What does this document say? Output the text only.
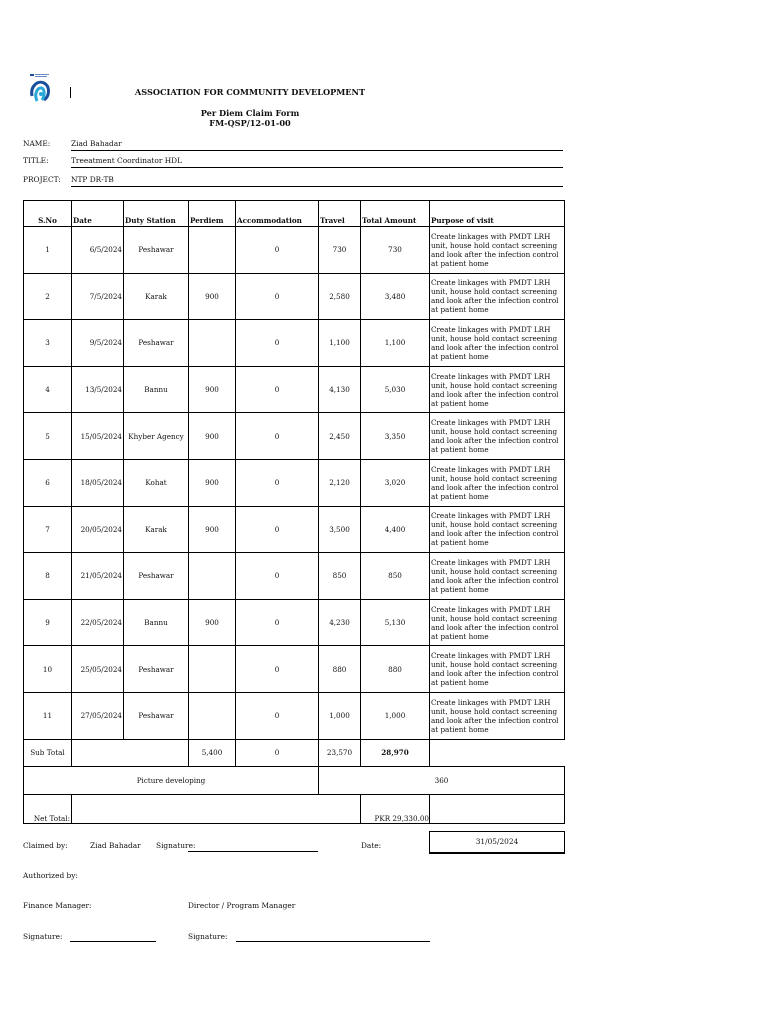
ASSOCIATION FOR COMMUNITY DEVELOPMENT
Per Diem Claim Form
FM-QSP/12-01-00
NAME:	Ziad Bahadar
TITLE:	Treeatment Coordinator HDL
PROJECT: NTP DR-TB
S.No	Date	Duty Station	Perdiem	Accommodation	Travel	Total Amount	Purpose of visit
1	6/5/2024	Peshawar		0	730	730	Create linkages with PMDT LRH unit, house hold contact screening and look after the infection control at patient home
2	7/5/2024	Karak	900	0	2,580	3,480	Create linkages with PMDT LRH unit, house hold contact screening and look after the infection control at patient home
3	9/5/2024	Peshawar		0	1,100	1,100	Create linkages with PMDT LRH unit, house hold contact screening and look after the infection control at patient home
4	13/5/2024	Bannu	900	0	4,130	5,030	Create linkages with PMDT LRH unit, house hold contact screening and look after the infection control at patient home
5	15/05/2024	Khyber Agency	900	0	2,450	3,350	Create linkages with PMDT LRH unit, house hold contact screening and look after the infection control at patient home
6	18/05/2024	Kohat	900	0	2,120	3,020	Create linkages with PMDT LRH unit, house hold contact screening and look after the infection control at patient home
7	20/05/2024	Karak	900	0	3,500	4,400	Create linkages with PMDT LRH unit, house hold contact screening and look after the infection control at patient home
8	21/05/2024	Peshawar		0	850	850	Create linkages with PMDT LRH unit, house hold contact screening and look after the infection control at patient home
9	22/05/2024	Bannu	900	0	4,230	5,130	Create linkages with PMDT LRH unit, house hold contact screening and look after the infection control at patient home
10	25/05/2024	Peshawar		0	880	880	Create linkages with PMDT LRH unit, house hold contact screening and look after the infection control at patient home
11	27/05/2024	Peshawar		0	1,000	1,000	Create linkages with PMDT LRH unit, house hold contact screening and look after the infection control at patient home
Sub Total			5,400	0	23,570	28,970	
Picture developing					360		
Net Total:						PKR 29,330.00	
Claimed by:	Ziad Bahadar Signature:	Date:	31/05/2024
Authorized by:
Finance Manager:	Director / Program Manager
Signature:	Signature:
